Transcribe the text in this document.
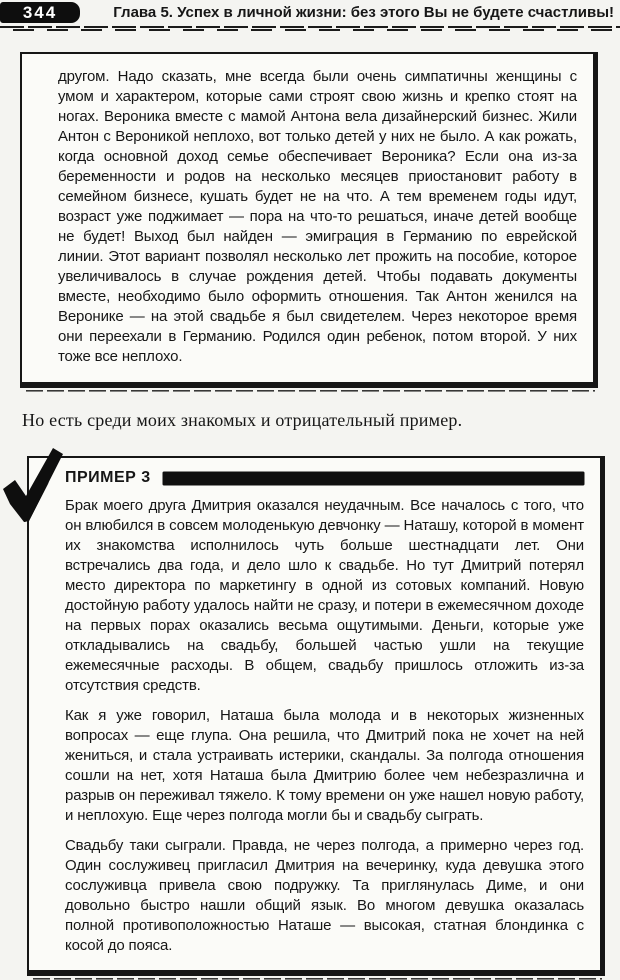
344	Глава 5. Успех в личной жизни: без этого Вы не будете счастливы!

другом. Надо сказать, мне всегда были очень симпатичны женщины с умом и характером, которые сами строят свою жизнь и крепко стоят на ногах. Вероника вместе с мамой Антона вела дизайнерский бизнес. Жили Антон с Вероникой неплохо, вот только детей у них не было. А как рожать, когда основной доход семье обеспечивает Вероника? Если она из-за беременности и родов на несколько месяцев приостановит работу в семейном бизнесе, кушать будет не на что. А тем временем годы идут, возраст уже поджимает — пора на что-то решаться, иначе детей вообще не будет! Выход был найден — эмиграция в Германию по еврейской линии. Этот вариант позволял несколько лет прожить на пособие, которое увеличивалось в случае рождения детей. Чтобы подавать документы вместе, необходимо было оформить отношения. Так Антон женился на Веронике — на этой свадьбе я был свидетелем. Через некоторое время они переехали в Германию. Родился один ребенок, потом второй. У них тоже все неплохо.

Но есть среди моих знакомых и отрицательный пример.

ПРИМЕР 3

Брак моего друга Дмитрия оказался неудачным. Все началось с того, что он влюбился в совсем молоденькую девчонку — Наташу, которой в момент их знакомства исполнилось чуть больше шестнадцати лет. Они встречались два года, и дело шло к свадьбе. Но тут Дмитрий потерял место директора по маркетингу в одной из сотовых компаний. Новую достойную работу удалось найти не сразу, и потери в ежемесячном доходе на первых порах оказались весьма ощутимыми. Деньги, которые уже откладывались на свадьбу, большей частью ушли на текущие ежемесячные расходы. В общем, свадьбу пришлось отложить из-за отсутствия средств.

Как я уже говорил, Наташа была молода и в некоторых жизненных вопросах — еще глупа. Она решила, что Дмитрий пока не хочет на ней жениться, и стала устраивать истерики, скандалы. За полгода отношения сошли на нет, хотя Наташа была Дмитрию более чем небезразлична и разрыв он переживал тяжело. К тому времени он уже нашел новую работу, и неплохую. Еще через полгода могли бы и свадьбу сыграть.

Свадьбу таки сыграли. Правда, не через полгода, а примерно через год. Один сослуживец пригласил Дмитрия на вечеринку, куда девушка этого сослуживца привела свою подружку. Та приглянулась Диме, и они довольно быстро нашли общий язык. Во многом девушка оказалась полной противоположностью Наташе — высокая, статная блондинка с косой до пояса.
